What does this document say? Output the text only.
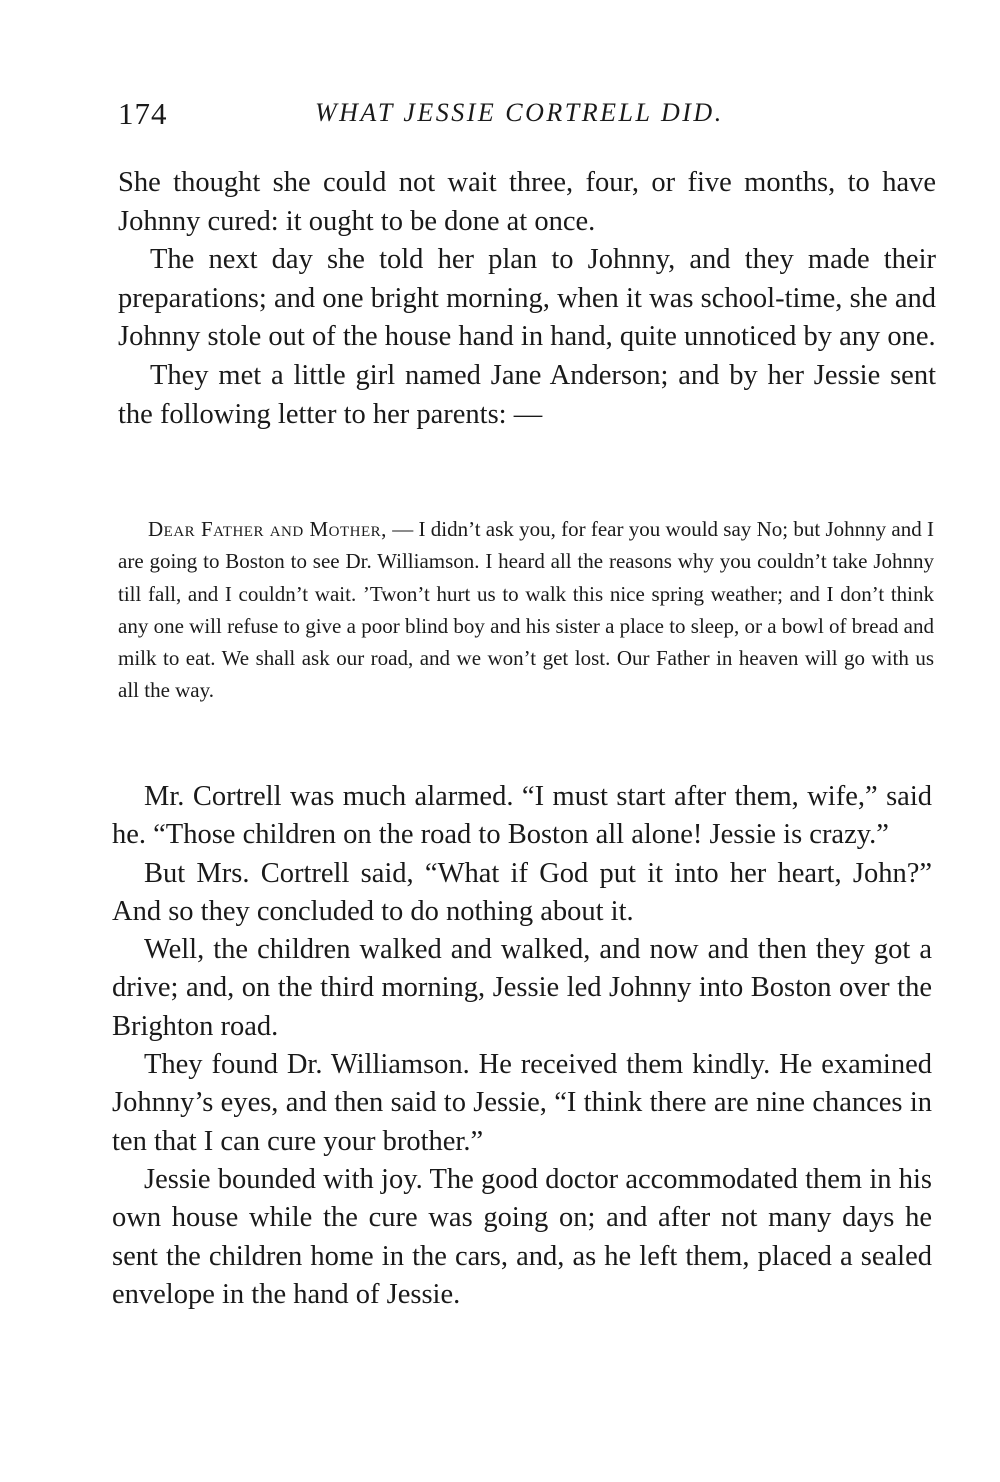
174	WHAT JESSIE CORTRELL DID.

She thought she could not wait three, four, or five months, to have Johnny cured: it ought to be done at once.

The next day she told her plan to Johnny, and they made their preparations; and one bright morning, when it was school-time, she and Johnny stole out of the house hand in hand, quite unnoticed by any one.

They met a little girl named Jane Anderson; and by her Jessie sent the following letter to her parents: —

Dear Father and Mother, — I didn’t ask you, for fear you would say No; but Johnny and I are going to Boston to see Dr. Williamson. I heard all the reasons why you couldn’t take Johnny till fall, and I couldn’t wait. ’Twon’t hurt us to walk this nice spring weather; and I don’t think any one will refuse to give a poor blind boy and his sister a place to sleep, or a bowl of bread and milk to eat. We shall ask our road, and we won’t get lost. Our Father in heaven will go with us all the way.

Mr. Cortrell was much alarmed. “I must start after them, wife,” said he. “Those children on the road to Boston all alone! Jessie is crazy.”

But Mrs. Cortrell said, “What if God put it into her heart, John?” And so they concluded to do nothing about it.

Well, the children walked and walked, and now and then they got a drive; and, on the third morning, Jessie led Johnny into Boston over the Brighton road.

They found Dr. Williamson. He received them kindly. He examined Johnny’s eyes, and then said to Jessie, “I think there are nine chances in ten that I can cure your brother.”

Jessie bounded with joy. The good doctor accommodated them in his own house while the cure was going on; and after not many days he sent the children home in the cars, and, as he left them, placed a sealed envelope in the hand of Jessie.
